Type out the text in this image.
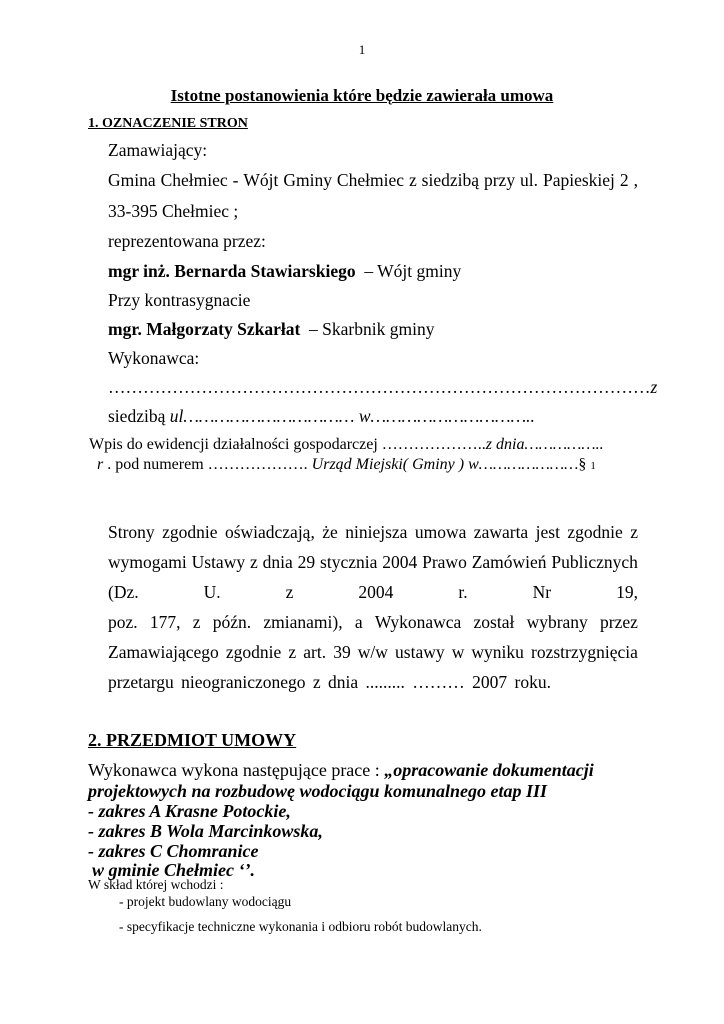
1
Istotne postanowienia które będzie zawierała umowa
1. OZNACZENIE STRON
Zamawiający:
Gmina Chełmiec - Wójt Gminy Chełmiec z siedzibą przy ul. Papieskiej 2 ,
33-395 Chełmiec ;
reprezentowana przez:
mgr inż. Bernarda Stawiarskiego – Wójt gminy
Przy kontrasygnacie
mgr. Małgorzaty Szkarłat – Skarbnik gminy
Wykonawca:
………………………………………………………………………………… z
siedzibą ul…………………………… w…………………………..
Wpis do ewidencji działalności gospodarczej ………………..z dnia……………..
r . pod numerem ………………. Urząd Miejski( Gminy ) w…………………§ 1
Strony zgodnie oświadczają, że niniejsza umowa zawarta jest zgodnie z
wymogami Ustawy z dnia 29 stycznia 2004 Prawo Zamówień Publicznych
(Dz.	U.	z	2004	r.	Nr	19,
poz. 177, z późn. zmianami), a Wykonawca został wybrany przez
Zamawiającego zgodnie z art. 39 w/w ustawy w wyniku rozstrzygnięcia
przetargu nieograniczonego z dnia ......... ……… 2007 roku.
2. PRZEDMIOT UMOWY
Wykonawca wykona następujące prace : „opracowanie dokumentacji
projektowych na rozbudowę wodociągu komunalnego etap III
- zakres A Krasne Potockie,
- zakres B Wola Marcinkowska,
- zakres C Chomranice
w gminie Chełmiec ‘’.
W skład której wchodzi :
- projekt budowlany wodociągu
- specyfikacje techniczne wykonania i odbioru robót budowlanych.
